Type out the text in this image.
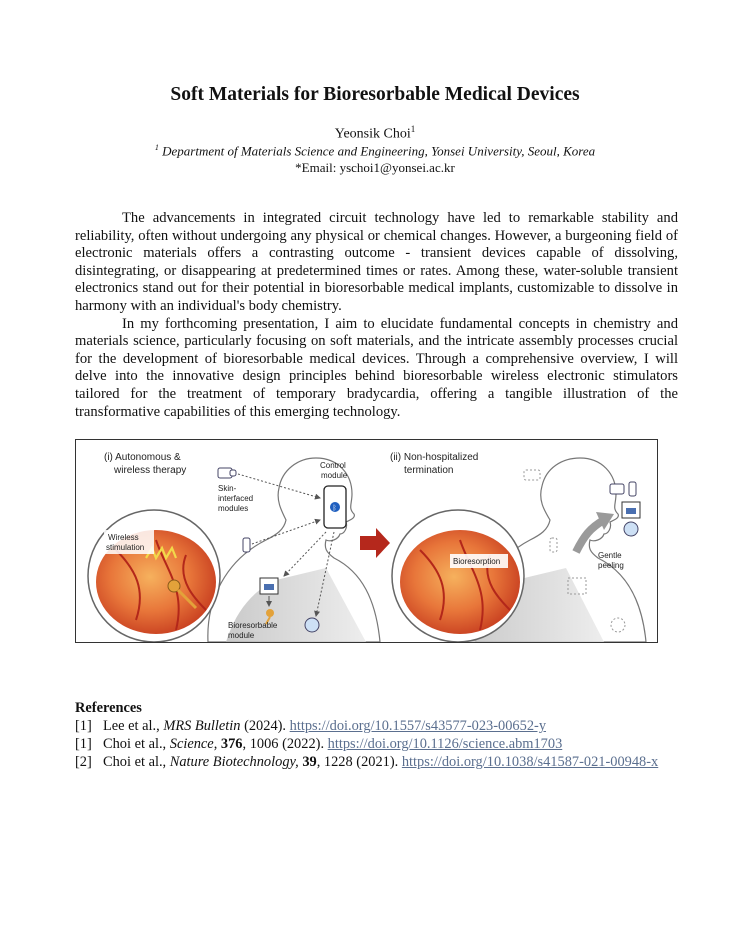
Soft Materials for Bioresorbable Medical Devices
Yeonsik Choi$^1$
$^1$ Department of Materials Science and Engineering, Yonsei University, Seoul, Korea
*Email: yschoi1@yonsei.ac.kr

The advancements in integrated circuit technology have led to remarkable stability and reliability, often without undergoing any physical or chemical changes. However, a burgeoning field of electronic materials offers a contrasting outcome - transient devices capable of dissolving, disintegrating, or disappearing at predetermined times or rates. Among these, water-soluble transient electronics stand out for their potential in bioresorbable medical implants, customizable to dissolve in harmony with an individual's body chemistry.

In my forthcoming presentation, I aim to elucidate fundamental concepts in chemistry and materials science, particularly focusing on soft materials, and the intricate assembly processes crucial for the development of bioresorbable medical devices. Through a comprehensive overview, I will delve into the innovative design principles behind bioresorbable wireless electronic stimulators tailored for the treatment of temporary bradycardia, offering a tangible illustration of the transformative capabilities of this emerging technology.

Wireless
stimulation
(i) Autonomous &
wireless therapy
Skin-
interfaced
modules
Control
module
ᛒ
Bioresorbable
module
Bioresorption
(ii) Non-hospitalized
termination
Gentle
peeling
References
[1] Lee et al., MRS Bulletin (2024). https://doi.org/10.1557/s43577-023-00652-y
[1] Choi et al., Science, 376, 1006 (2022). https://doi.org/10.1126/science.abm1703
[2] Choi et al., Nature Biotechnology, 39, 1228 (2021). https://doi.org/10.1038/s41587-021-00948-x
